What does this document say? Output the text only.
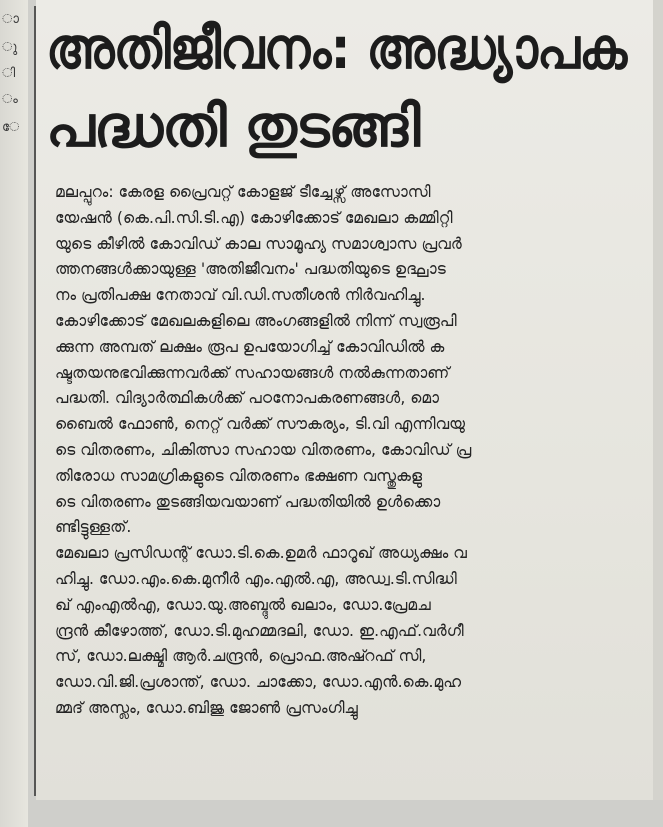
ാ
ു
ി
ം
േ
അതിജീവനം: അദ്ധ്യാപക
പദ്ധതി തുടങ്ങി
മലപ്പുറം: കേരള പ്രൈവറ്റ് കോളജ് ടീച്ചേഴ്സ് അസോസി
യേഷൻ (കെ.പി.സി.ടി.എ) കോഴിക്കോട് മേഖലാ കമ്മിറ്റി
യുടെ കീഴിൽ കോവിഡ് കാല സാമൂഹ്യ സമാശ്വാസ പ്രവർ
ത്തനങ്ങൾക്കായുള്ള 'അതിജീവനം' പദ്ധതിയുടെ ഉദ്ഘാട
നം പ്രതിപക്ഷ നേതാവ് വി.ഡി.സതീശൻ നിർവഹിച്ചു.
കോഴിക്കോട് മേഖലകളിലെ അംഗങ്ങളിൽ നിന്ന് സ്വരൂപി
ക്കുന്ന അമ്പത് ലക്ഷം രൂപ ഉപയോഗിച്ച് കോവിഡിൽ ക
ഷ്ടതയനുഭവിക്കുന്നവർക്ക് സഹായങ്ങൾ നൽകുന്നതാണ്
പദ്ധതി. വിദ്യാർത്ഥികൾക്ക് പഠനോപകരണങ്ങൾ, മൊ
ബൈൽ ഫോൺ, നെറ്റ് വർക്ക് സൗകര്യം, ടി.വി എന്നിവയു
ടെ വിതരണം, ചികിത്സാ സഹായ വിതരണം, കോവിഡ് പ്ര
തിരോധ സാമഗ്രികളുടെ വിതരണം ഭക്ഷണ വസ്തുകളു
ടെ വിതരണം തുടങ്ങിയവയാണ് പദ്ധതിയിൽ ഉൾക്കൊ
ണ്ടിട്ടുള്ളത്.
മേഖലാ പ്രസിഡന്റ് ഡോ.ടി.കെ.ഉമർ ഫാറൂഖ് അധ്യക്ഷം വ
ഹിച്ചു. ഡോ.എം.കെ.മുനീർ എം.എൽ.എ, അഡ്വ.ടി.സിദ്ധി
ഖ് എംഎൽഎ, ഡോ.യു.അബ്ദുൽ ഖലാം, ഡോ.പ്രേമച
ന്ദ്രൻ കീഴോത്ത്, ഡോ.ടി.മുഹമ്മദലി, ഡോ. ഇ.എഫ്.വർഗീ
സ്, ഡോ.ലക്ഷ്മി ആർ.ചന്ദ്രൻ, പ്രൊഫ.അഷ്റഫ് സി,
ഡോ.വി.ജി.പ്രശാന്ത്, ഡോ. ചാക്കോ, ഡോ.എൻ.കെ.മുഹ
മ്മദ് അസ്ലം, ഡോ.ബിജു ജോൺ പ്രസംഗിച്ചു
